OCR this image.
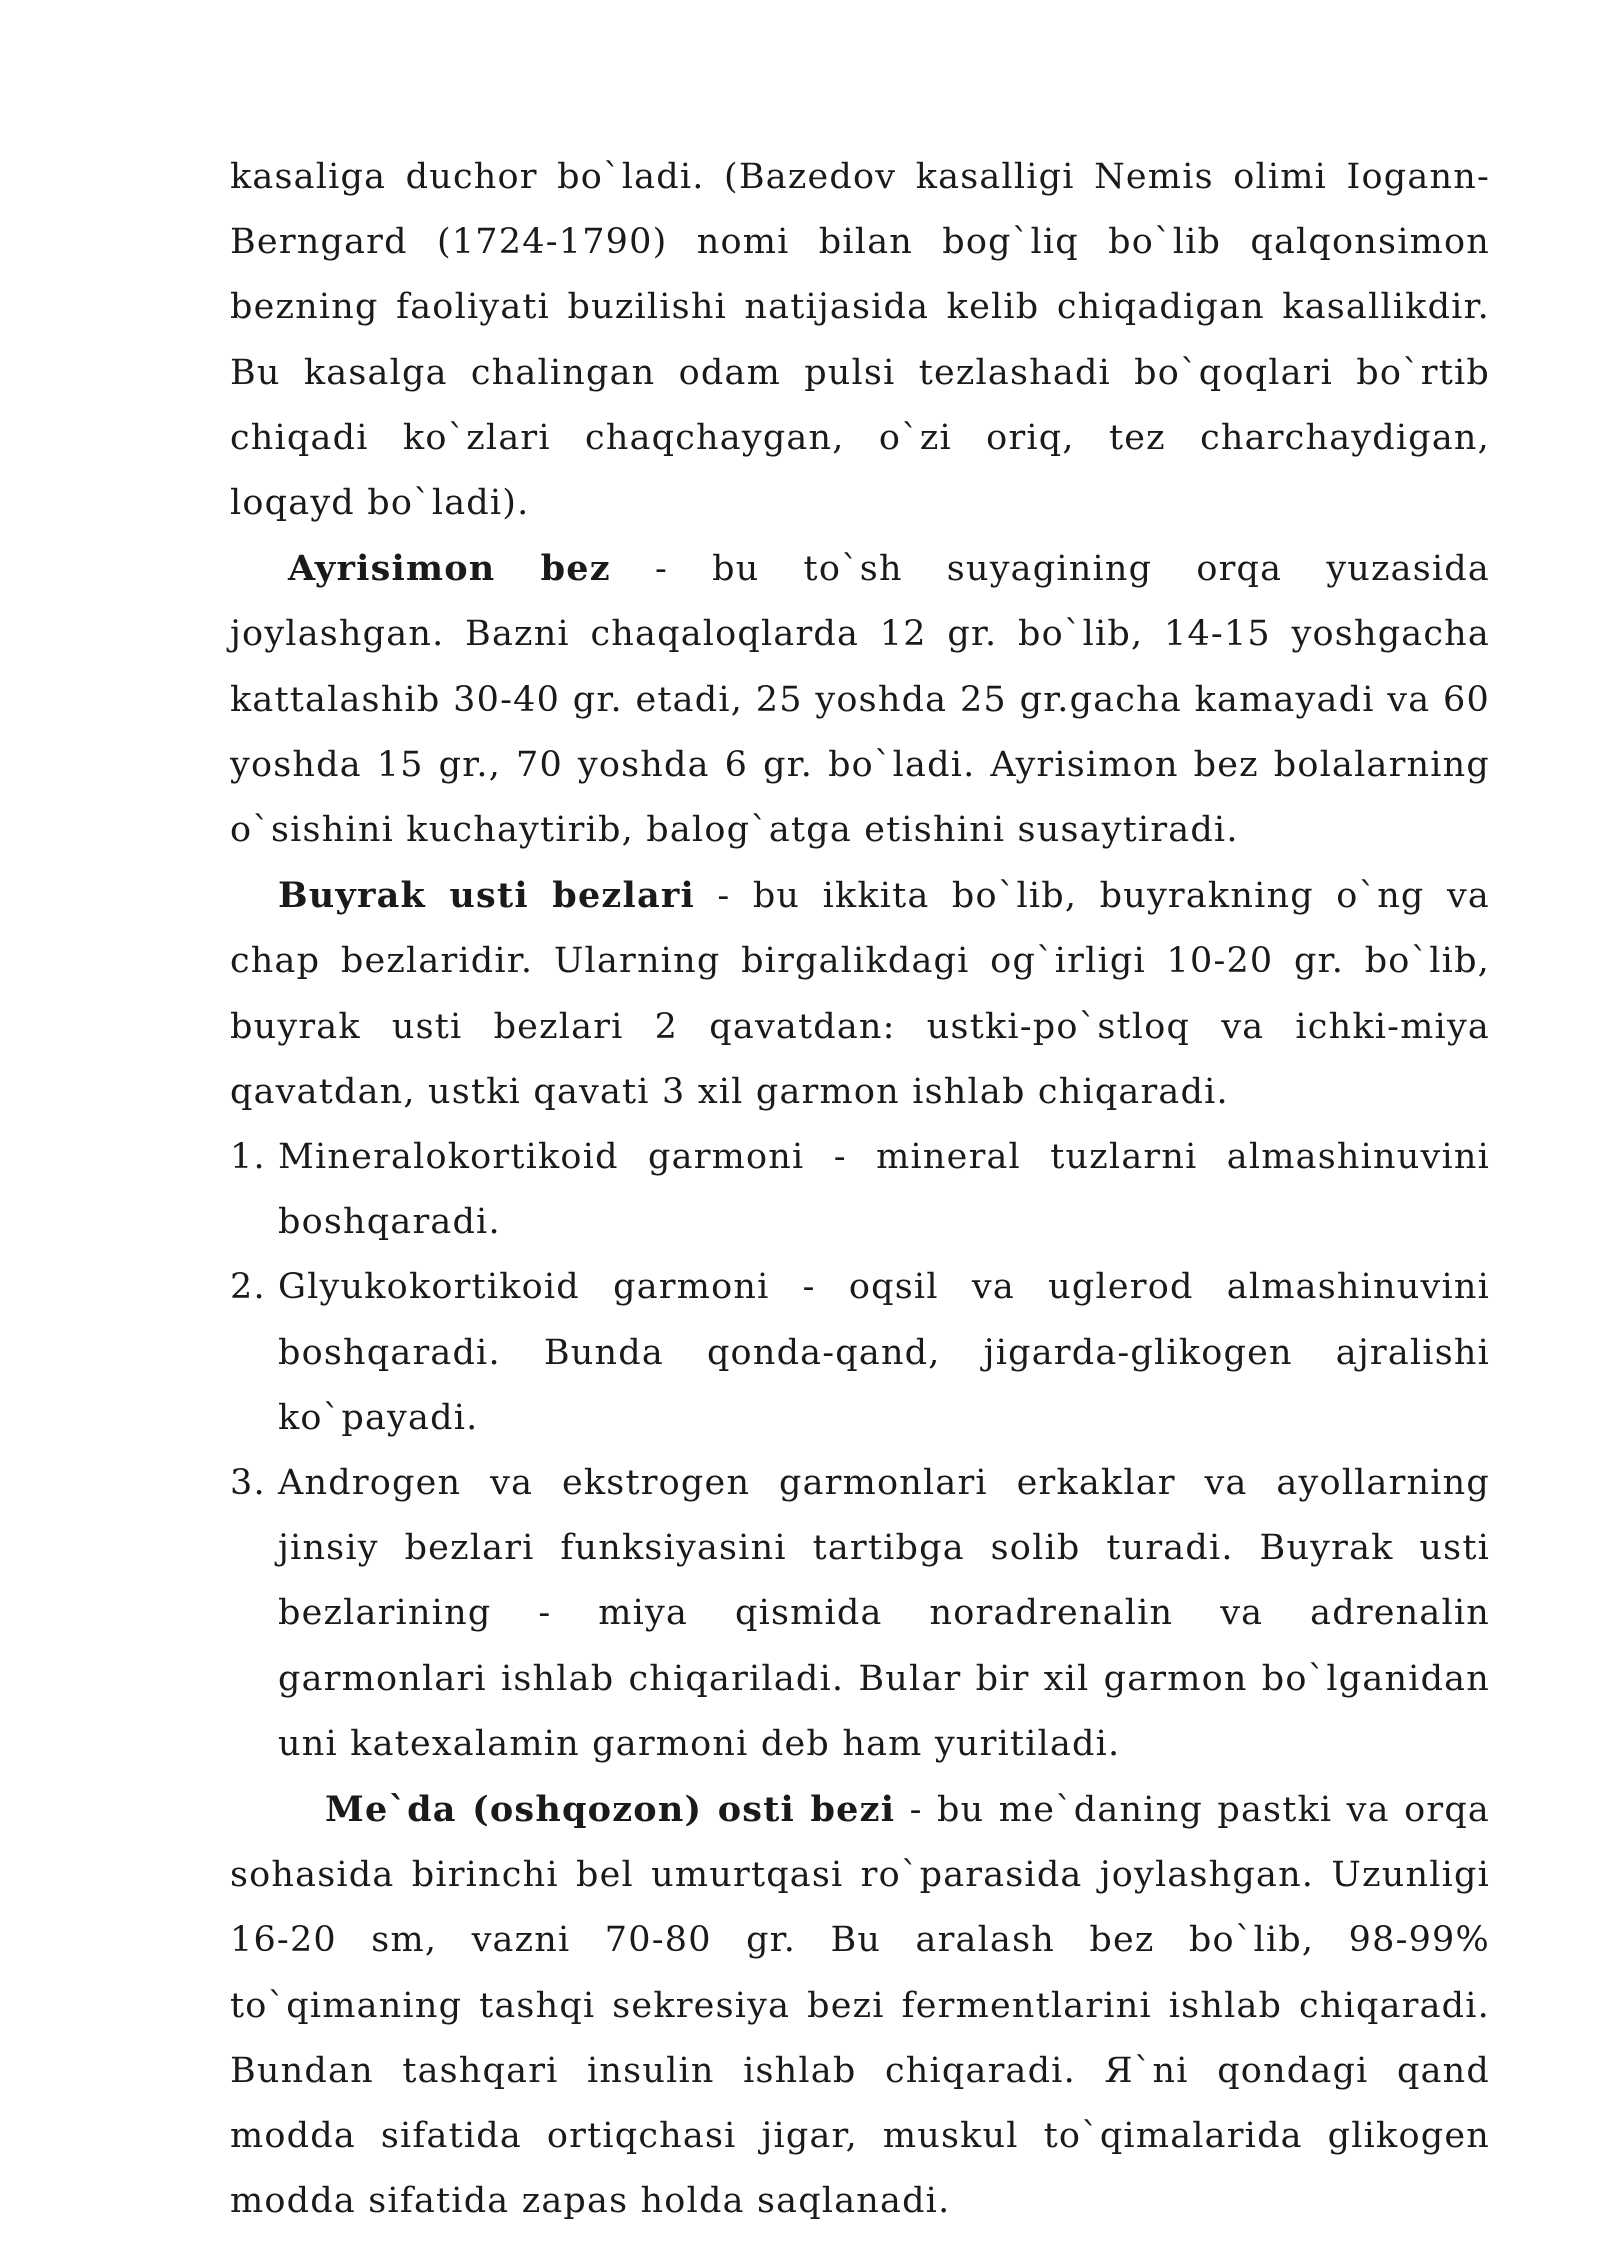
kasaliga duchor bo`ladi. (Bazedov kasalligi Nemis olimi Iogann-Berngard (1724-1790) nomi bilan bog`liq bo`lib qalqonsimon bezning faoliyati buzilishi natijasida kelib chiqadigan kasallikdir. Bu kasalga chalingan odam pulsi tezlashadi bo`qoqlari bo`rtib chiqadi ko`zlari chaqchaygan, o`zi oriq, tez charchaydigan, loqayd bo`ladi).

Ayrisimon bez - bu to`sh suyagining orqa yuzasida joylashgan. Bazni chaqaloqlarda 12 gr. bo`lib, 14-15 yoshgacha kattalashib 30-40 gr. etadi, 25 yoshda 25 gr.gacha kamayadi va 60 yoshda 15 gr., 70 yoshda 6 gr. bo`ladi. Ayrisimon bez bolalarning o`sishini kuchaytirib, balog`atga etishini susaytiradi.

Buyrak usti bezlari - bu ikkita bo`lib, buyrakning o`ng va chap bezlaridir. Ularning birgalikdagi og`irligi 10-20 gr. bo`lib, buyrak usti bezlari 2 qavatdan: ustki-po`stloq va ichki-miya qavatdan, ustki qavati 3 xil garmon ishlab chiqaradi.

1. Mineralokortikoid garmoni - mineral tuzlarni almashinuvini boshqaradi.
2. Glyukokortikoid garmoni - oqsil va uglerod almashinuvini boshqaradi. Bunda qonda-qand, jigarda-glikogen ajralishi ko`payadi.
3. Androgen va ekstrogen garmonlari erkaklar va ayollarning jinsiy bezlari funksiyasini tartibga solib turadi. Buyrak usti bezlarining - miya qismida noradrenalin va adrenalin garmonlari ishlab chiqariladi. Bular bir xil garmon bo`lganidan uni katexalamin garmoni deb ham yuritiladi.

Me`da (oshqozon) osti bezi - bu me`daning pastki va orqa sohasida birinchi bel umurtqasi ro`parasida joylashgan. Uzunligi 16-20 sm, vazni 70-80 gr. Bu aralash bez bo`lib, 98-99% to`qimaning tashqi sekresiya bezi fermentlarini ishlab chiqaradi. Bundan tashqari insulin ishlab chiqaradi. Я`ni qondagi qand modda sifatida ortiqchasi jigar, muskul to`qimalarida glikogen modda sifatida zapas holda saqlanadi.
